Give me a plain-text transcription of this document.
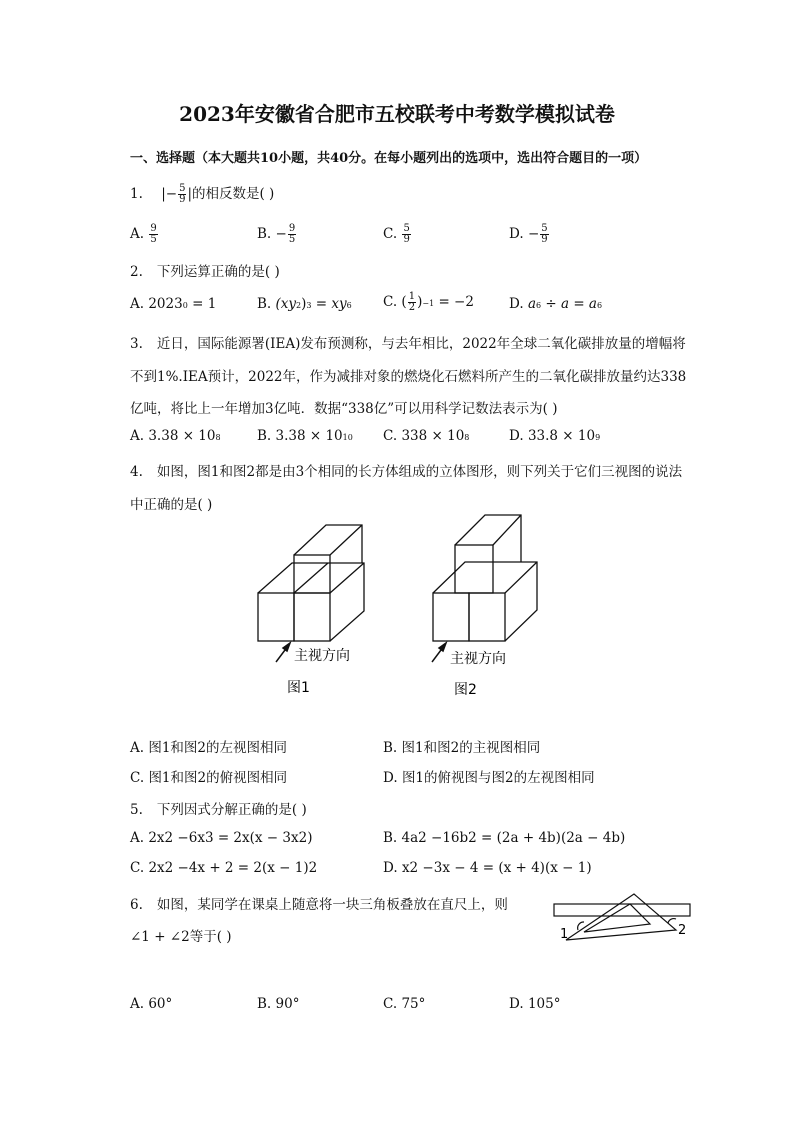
2023年安徽省合肥市五校联考中考数学模拟试卷
一、选择题（本大题共10小题，共40分。在每小题列出的选项中，选出符合题目的一项）
1. |− $\frac{5}{9}$ |的相反数是( )
A. $\frac{9}{5}$	B. − $\frac{9}{5}$	C. $\frac{5}{9}$	D. − $\frac{5}{9}$
2. 下列运算正确的是( )
A. 20230 = 1	B. (xy2)3 = xy6 C. ( $\frac{1}{2} )-1 = -2$	D. a6 ÷ a = a6
3. 近日，国际能源署(IEA)发布预测称，与去年相比，2022年全球二氧化碳排放量的增幅将
不到1%.IEA预计，2022年，作为减排对象的燃烧化石燃料所产生的二氧化碳排放量约达338
亿吨，将比上一年增加3亿吨．数据“338亿”可以用科学记数法表示为( )
A. 3.38 × 108	B. 3.38 × 1010 C. 338 × 108	D. 33.8 × 109
4. 如图，图1和图2都是由3个相同的长方体组成的立体图形，则下列关于它们三视图的说法
中正确的是( )
主视方向
图1
主视方向
图2
A. 图1和图2的左视图相同	B. 图1和图2的主视图相同
C. 图1和图2的俯视图相同	D. 图1的俯视图与图2的左视图相同
5. 下列因式分解正确的是( )
A. 2x2 −6x3 = 2x(x − 3x2)	B. 4a2 −16b2 = (2a + 4b)(2a − 4b)
C. 2x2 −4x + 2 = 2(x − 1)2	D. x2 −3x − 4 = (x + 4)(x − 1)
6. 如图，某同学在课桌上随意将一块三角板叠放在直尺上，则
∠1 + ∠2等于( )	1	2
A. 60°	B. 90°	C. 75°	D. 105°
